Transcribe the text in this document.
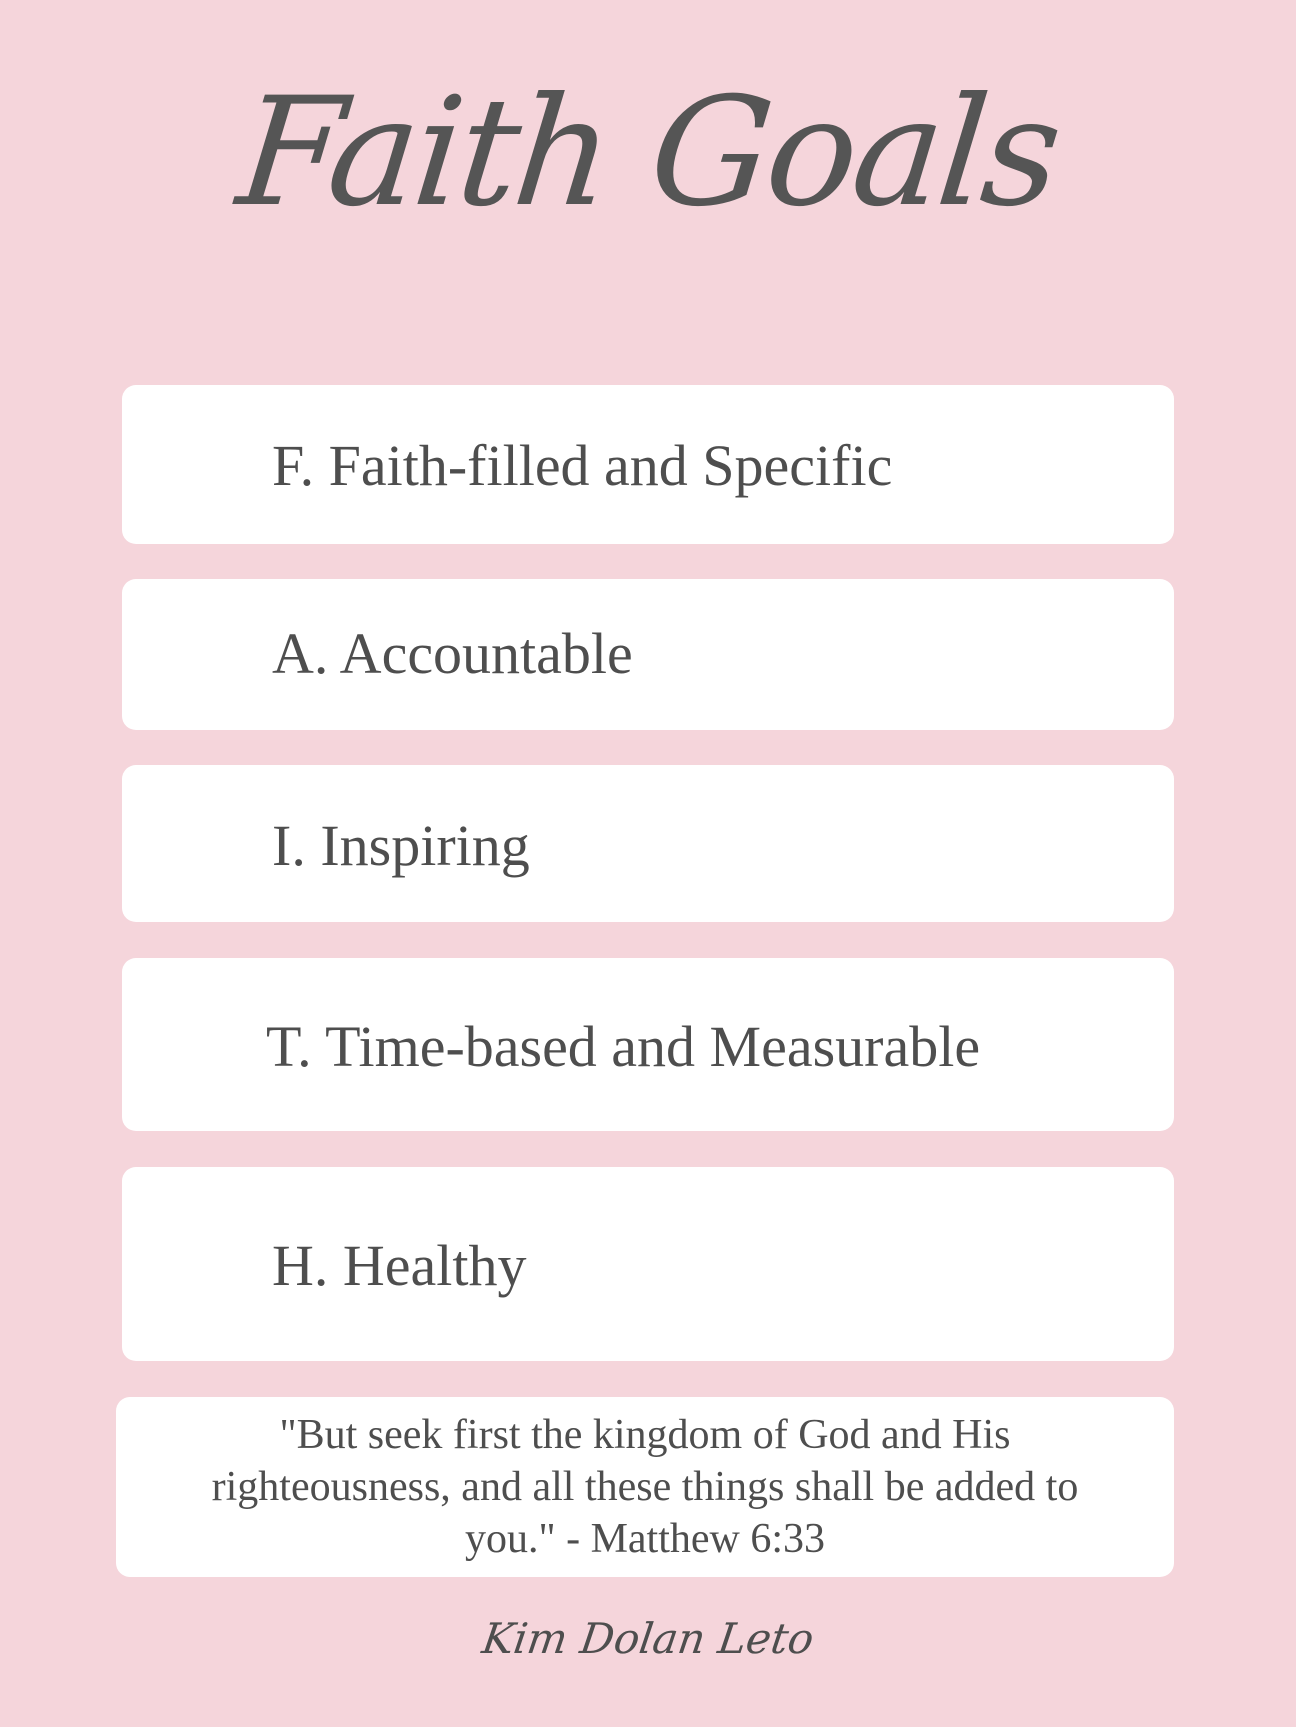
Faith Goals
F. Faith-filled and Specific
A. Accountable
I. Inspiring
T. Time-based and Measurable
H. Healthy
"But seek first the kingdom of God and His righteousness, and all these things shall be added to you." - Matthew 6:33
Kim Dolan Leto
